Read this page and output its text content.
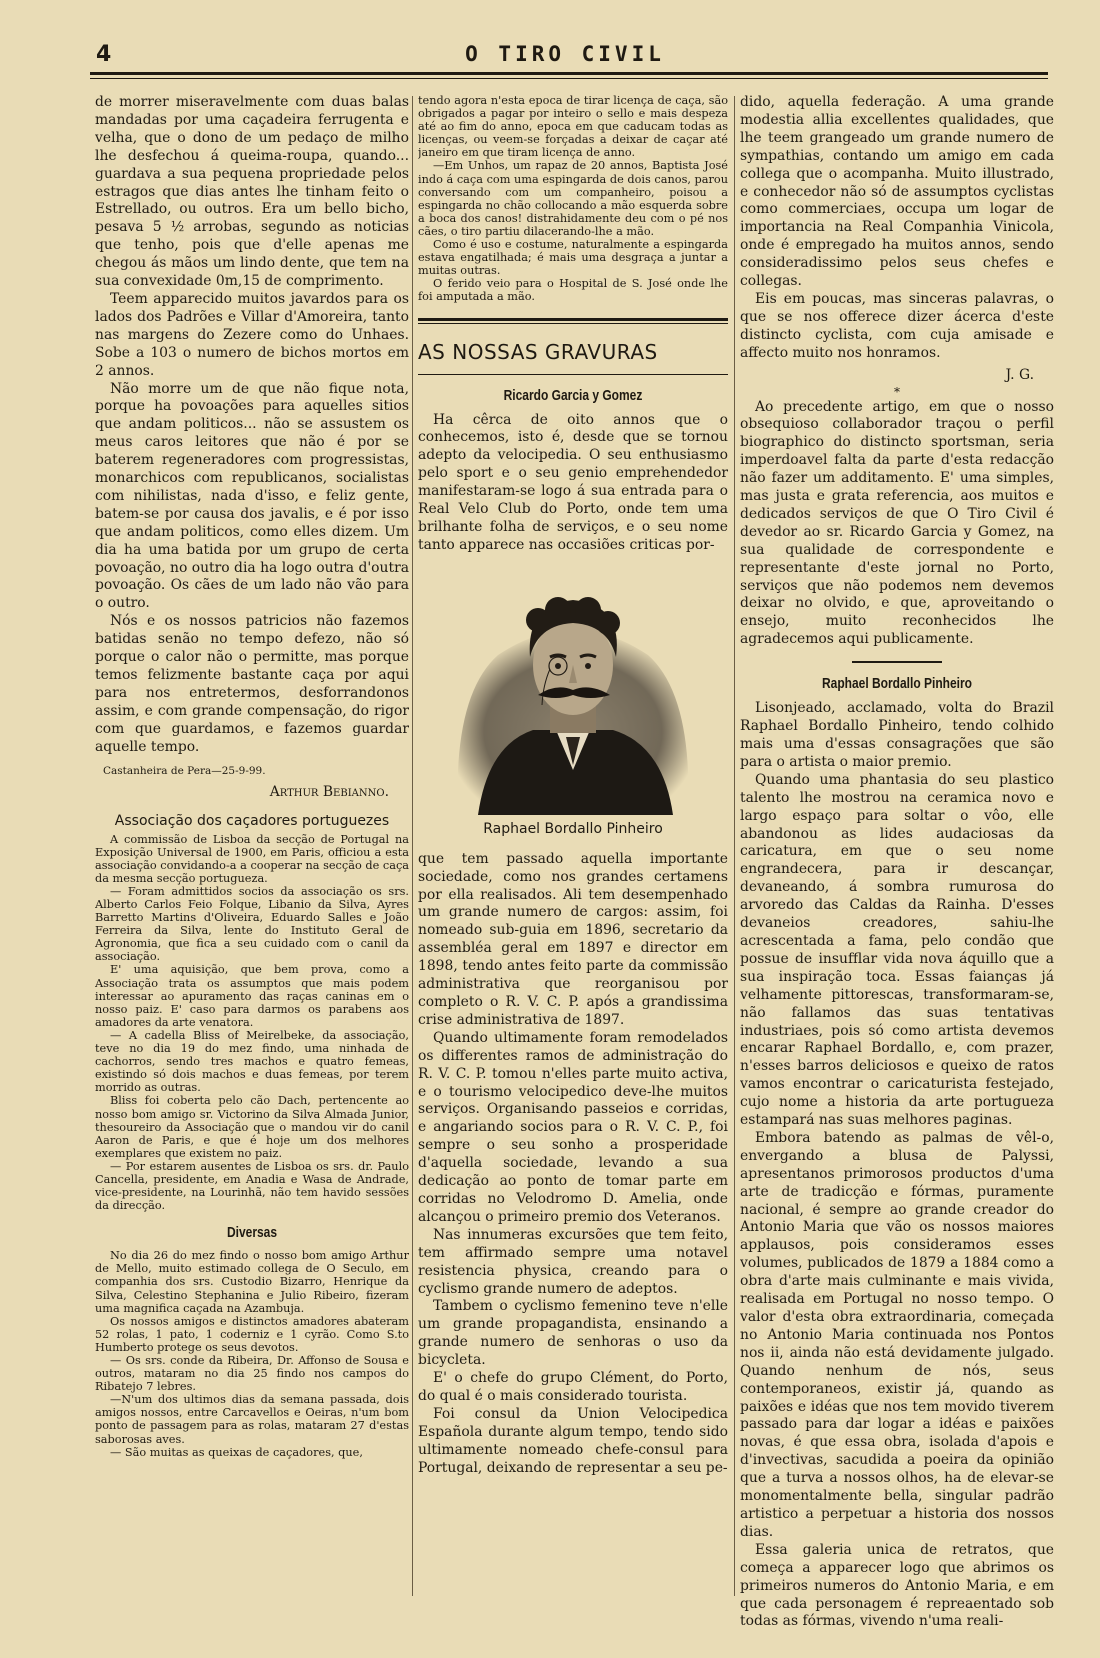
4	O TIRO CIVIL

de morrer miseravelmente com duas balas mandadas por uma caçadeira ferrugenta e velha, que o dono de um pedaço de milho lhe desfechou á queima-roupa, quando... guardava a sua pequena propriedade pelos estragos que dias antes lhe tinham feito o Estrellado, ou outros. Era um bello bicho, pesava 5 ½ arrobas, segundo as noticias que tenho, pois que d'elle apenas me chegou ás mãos um lindo dente, que tem na sua convexidade 0m,15 de comprimento.

Teem apparecido muitos javardos para os lados dos Padrões e Villar d'Amoreira, tanto nas margens do Zezere como do Unhaes. Sobe a 103 o numero de bichos mortos em 2 annos.

Não morre um de que não fique nota, porque ha povoações para aquelles sitios que andam politicos... não se assustem os meus caros leitores que não é por se baterem regeneradores com progressistas, monarchicos com republicanos, socialistas com nihilistas, nada d'isso, e feliz gente, batem-se por causa dos javalis, e é por isso que andam politicos, como elles dizem. Um dia ha uma batida por um grupo de certa povoação, no outro dia ha logo outra d'outra povoação. Os cães de um lado não vão para o outro.

Nós e os nossos patricios não fazemos batidas senão no tempo defezo, não só porque o calor não o permitte, mas porque temos felizmente bastante caça por aqui para nos entretermos, desforrandonos assim, e com grande compensação, do rigor com que guardamos, e fazemos guardar aquelle tempo.

Castanheira de Pera—25-9-99.

Arthur Bebianno.

Associação dos caçadores portuguezes

A commissão de Lisboa da secção de Portugal na Exposição Universal de 1900, em Paris, officiou a esta associação convidando-a a cooperar na secção de caça da mesma secção portugueza.

— Foram admittidos socios da associação os srs. Alberto Carlos Feio Folque, Libanio da Silva, Ayres Barretto Martins d'Oliveira, Eduardo Salles e João Ferreira da Silva, lente do Instituto Geral de Agronomia, que fica a seu cuidado com o canil da associação.

E' uma aquisição, que bem prova, como a Associação trata os assumptos que mais podem interessar ao apuramento das raças caninas em o nosso paiz. E' caso para darmos os parabens aos amadores da arte venatora.

— A cadella Bliss of Meirelbeke, da associação, teve no dia 19 do mez findo, uma ninhada de cachorros, sendo tres machos e quatro femeas, existindo só dois machos e duas femeas, por terem morrido as outras.

Bliss foi coberta pelo cão Dach, pertencente ao nosso bom amigo sr. Victorino da Silva Almada Junior, thesoureiro da Associação que o mandou vir do canil Aaron de Paris, e que é hoje um dos melhores exemplares que existem no paiz.

— Por estarem ausentes de Lisboa os srs. dr. Paulo Cancella, presidente, em Anadia e Wasa de Andrade, vice-presidente, na Lourinhã, não tem havido sessões da direcção.

Diversas

No dia 26 do mez findo o nosso bom amigo Arthur de Mello, muito estimado collega de O Seculo, em companhia dos srs. Custodio Bizarro, Henrique da Silva, Celestino Stephanina e Julio Ribeiro, fizeram uma magnifica caçada na Azambuja.

Os nossos amigos e distinctos amadores abateram 52 rolas, 1 pato, 1 coderniz e 1 cyrão. Como S.to Humberto protege os seus devotos.

— Os srs. conde da Ribeira, Dr. Affonso de Sousa e outros, mataram no dia 25 findo nos campos do Ribatejo 7 lebres.

—N'um dos ultimos dias da semana passada, dois amigos nossos, entre Carcavellos e Oeiras, n'um bom ponto de passagem para as rolas, mataram 27 d'estas saborosas aves.

— São muitas as queixas de caçadores, que,

tendo agora n'esta epoca de tirar licença de caça, são obrigados a pagar por inteiro o sello e mais despeza até ao fim do anno, epoca em que caducam todas as licenças, ou veem-se forçadas a deixar de caçar até janeiro em que tiram licença de anno.

—Em Unhos, um rapaz de 20 annos, Baptista José indo á caça com uma espingarda de dois canos, parou conversando com um companheiro, poisou a espingarda no chão collocando a mão esquerda sobre a boca dos canos! distrahidamente deu com o pé nos cães, o tiro partiu dilacerando-lhe a mão.

Como é uso e costume, naturalmente a espingarda estava engatilhada; é mais uma desgraça a juntar a muitas outras.

O ferido veio para o Hospital de S. José onde lhe foi amputada a mão.

AS NOSSAS GRAVURAS
Ricardo Garcia y Gomez

Ha cêrca de oito annos que o conhecemos, isto é, desde que se tornou adepto da velocipedia. O seu enthusiasmo pelo sport e o seu genio emprehendedor manifestaram-se logo á sua entrada para o Real Velo Club do Porto, onde tem uma brilhante folha de serviços, e o seu nome tanto apparece nas occasiões criticas por-

Raphael Bordallo Pinheiro

que tem passado aquella importante sociedade, como nos grandes certamens por ella realisados. Ali tem desempenhado um grande numero de cargos: assim, foi nomeado sub-guia em 1896, secretario da assembléa geral em 1897 e director em 1898, tendo antes feito parte da commissão administrativa que reorganisou por completo o R. V. C. P. após a grandissima crise administrativa de 1897.

Quando ultimamente foram remodelados os differentes ramos de administração do R. V. C. P. tomou n'elles parte muito activa, e o tourismo velocipedico deve-lhe muitos serviços. Organisando passeios e corridas, e angariando socios para o R. V. C. P., foi sempre o seu sonho a prosperidade d'aquella sociedade, levando a sua dedicação ao ponto de tomar parte em corridas no Velodromo D. Amelia, onde alcançou o primeiro premio dos Veteranos.

Nas innumeras excursões que tem feito, tem affirmado sempre uma notavel resistencia physica, creando para o cyclismo grande numero de adeptos.

Tambem o cyclismo femenino teve n'elle um grande propagandista, ensinando a grande numero de senhoras o uso da bicycleta.

E' o chefe do grupo Clément, do Porto, do qual é o mais considerado tourista.

Foi consul da Union Velocipedica Española durante algum tempo, tendo sido ultimamente nomeado chefe-consul para Portugal, deixando de representar a seu pe-

dido, aquella federação. A uma grande modestia allia excellentes qualidades, que lhe teem grangeado um grande numero de sympathias, contando um amigo em cada collega que o acompanha. Muito illustrado, e conhecedor não só de assumptos cyclistas como commerciaes, occupa um logar de importancia na Real Companhia Vinicola, onde é empregado ha muitos annos, sendo consideradissimo pelos seus chefes e collegas.

Eis em poucas, mas sinceras palavras, o que se nos offerece dizer ácerca d'este distincto cyclista, com cuja amisade e affecto muito nos honramos.

J. G.

*

Ao precedente artigo, em que o nosso obsequioso collaborador traçou o perfil biographico do distincto sportsman, seria imperdoavel falta da parte d'esta redacção não fazer um additamento. E' uma simples, mas justa e grata referencia, aos muitos e dedicados serviços de que O Tiro Civil é devedor ao sr. Ricardo Garcia y Gomez, na sua qualidade de correspondente e representante d'este jornal no Porto, serviços que não podemos nem devemos deixar no olvido, e que, aproveitando o ensejo, muito reconhecidos lhe agradecemos aqui publicamente.

Raphael Bordallo Pinheiro

Lisonjeado, acclamado, volta do Brazil Raphael Bordallo Pinheiro, tendo colhido mais uma d'essas consagrações que são para o artista o maior premio.

Quando uma phantasia do seu plastico talento lhe mostrou na ceramica novo e largo espaço para soltar o vôo, elle abandonou as lides audaciosas da caricatura, em que o seu nome engrandecera, para ir descançar, devaneando, á sombra rumurosa do arvoredo das Caldas da Rainha. D'esses devaneios creadores, sahiu-lhe acrescentada a fama, pelo condão que possue de insufflar vida nova áquillo que a sua inspiração toca. Essas faianças já velhamente pittorescas, transformaram-se, não fallamos das suas tentativas industriaes, pois só como artista devemos encarar Raphael Bordallo, e, com prazer, n'esses barros deliciosos e queixo de ratos vamos encontrar o caricaturista festejado, cujo nome a historia da arte portugueza estampará nas suas melhores paginas.

Embora batendo as palmas de vêl-o, envergando a blusa de Palyssi, apresentanos primorosos productos d'uma arte de tradicção e fórmas, puramente nacional, é sempre ao grande creador do Antonio Maria que vão os nossos maiores applausos, pois consideramos esses volumes, publicados de 1879 a 1884 como a obra d'arte mais culminante e mais vivida, realisada em Portugal no nosso tempo. O valor d'esta obra extraordinaria, começada no Antonio Maria continuada nos Pontos nos ii, ainda não está devidamente julgado. Quando nenhum de nós, seus contemporaneos, existir já, quando as paixões e idéas que nos tem movido tiverem passado para dar logar a idéas e paixões novas, é que essa obra, isolada d'apois e d'invectivas, sacudida a poeira da opinião que a turva a nossos olhos, ha de elevar-se monomentalmente bella, singular padrão artistico a perpetuar a historia dos nossos dias.

Essa galeria unica de retratos, que começa a apparecer logo que abrimos os primeiros numeros do Antonio Maria, e em que cada personagem é repreaentado sob todas as fórmas, vivendo n'uma reali-
